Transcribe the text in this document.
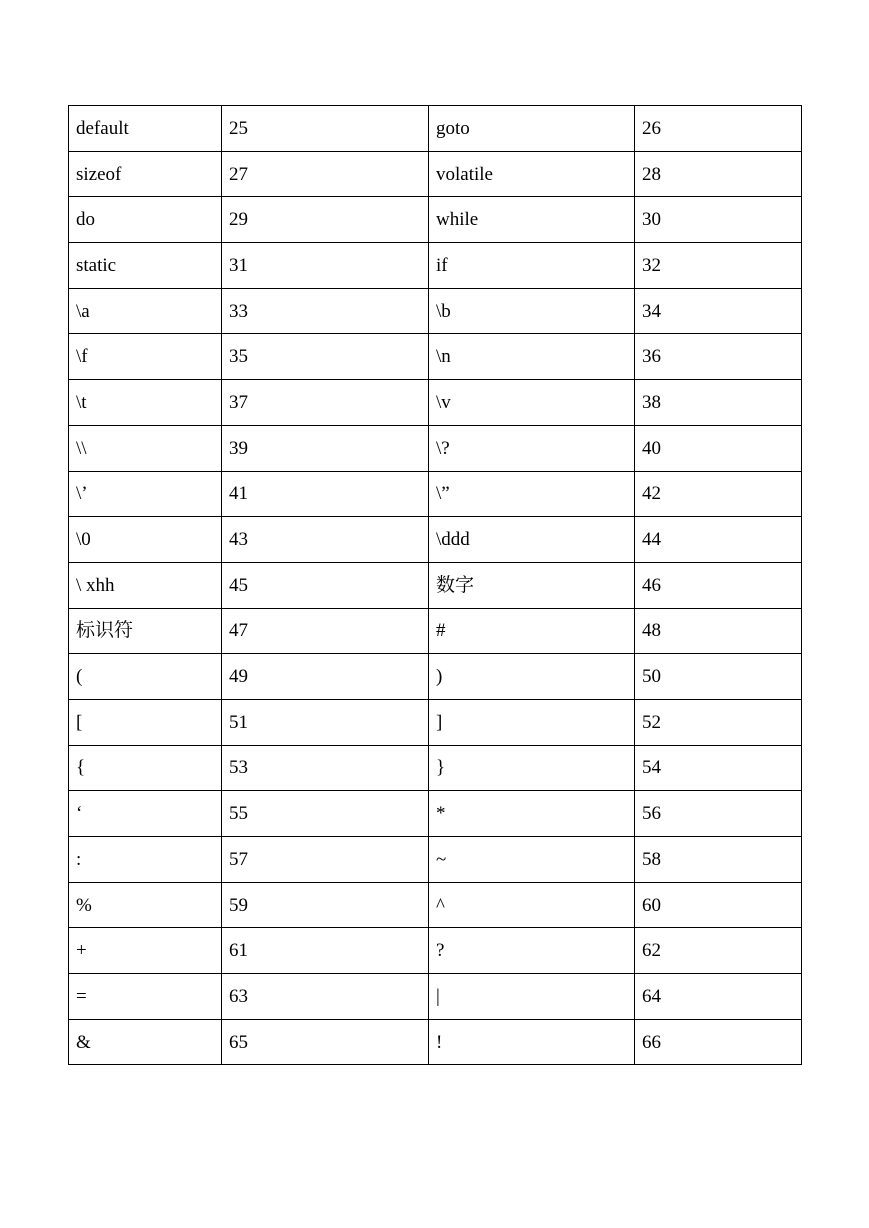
default	25	goto	26
sizeof	27	volatile	28
do	29	while	30
static	31	if	32
\a	33	\b	34
\f	35	\n	36
\t	37	\v	38
\\	39	\?	40
\’	41	\”	42
\0	43	\ddd	44
\ xhh	45	数字	46
标识符	47	#	48
(	49	)	50
[	51	]	52
{	53	}	54
‘	55	*	56
:	57	~	58
%	59	^	60
+	61	?	62
=	63	|	64
&	65	!	66
